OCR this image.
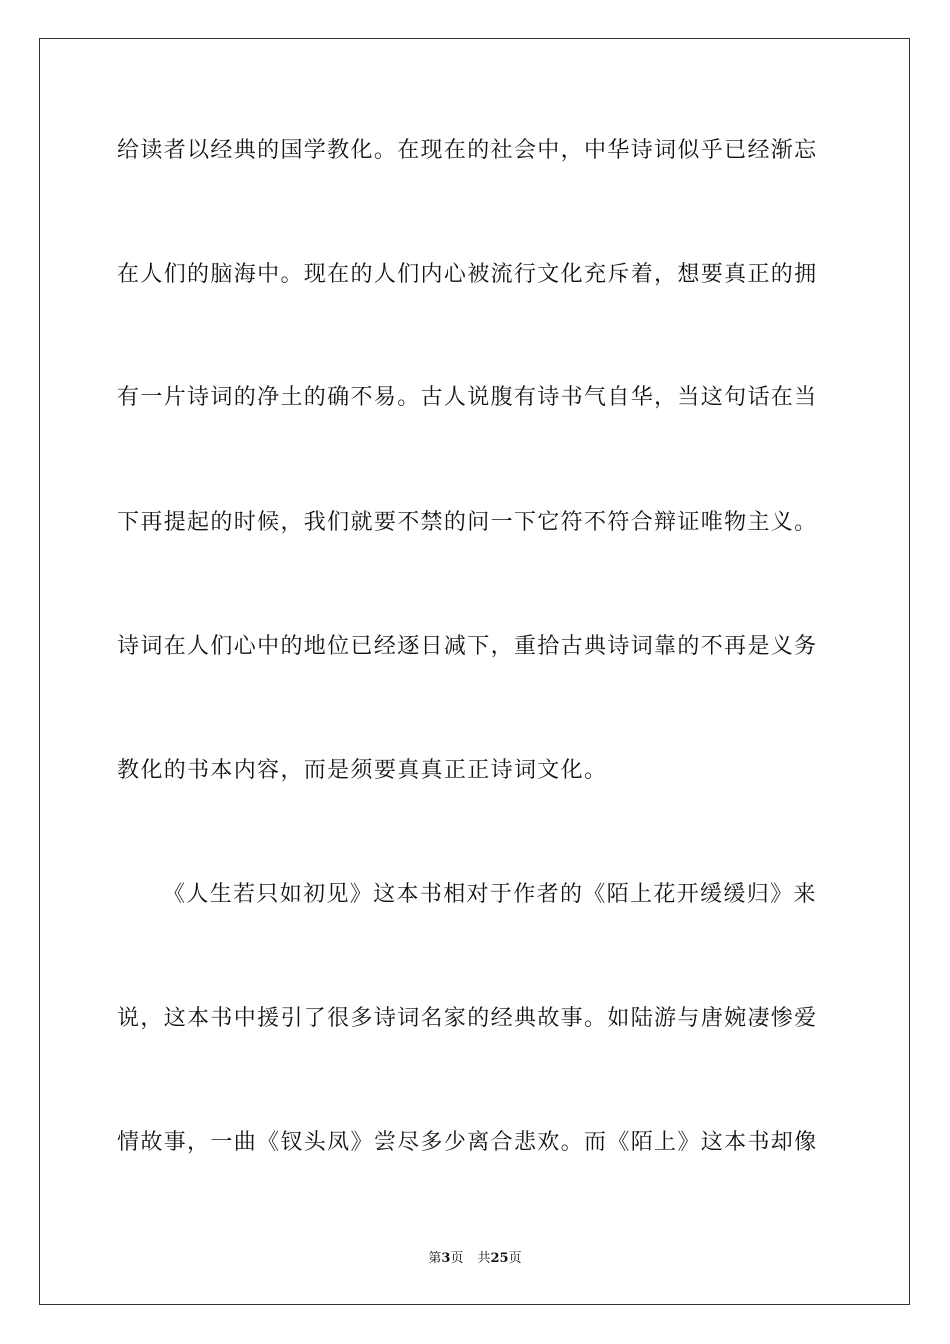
给读者以经典的国学教化。在现在的社会中，中华诗词似乎已经渐忘
在人们的脑海中。现在的人们内心被流行文化充斥着，想要真正的拥
有一片诗词的净土的确不易。古人说腹有诗书气自华，当这句话在当
下再提起的时候，我们就要不禁的问一下它符不符合辩证唯物主义。
诗词在人们心中的地位已经逐日减下，重拾古典诗词靠的不再是义务
教化的书本内容，而是须要真真正正诗词文化。
《人生若只如初见》这本书相对于作者的《陌上花开缓缓归》来
说，这本书中援引了很多诗词名家的经典故事。如陆游与唐婉凄惨爱
情故事，一曲《钗头凤》尝尽多少离合悲欢。而《陌上》这本书却像
第3页 共25页
